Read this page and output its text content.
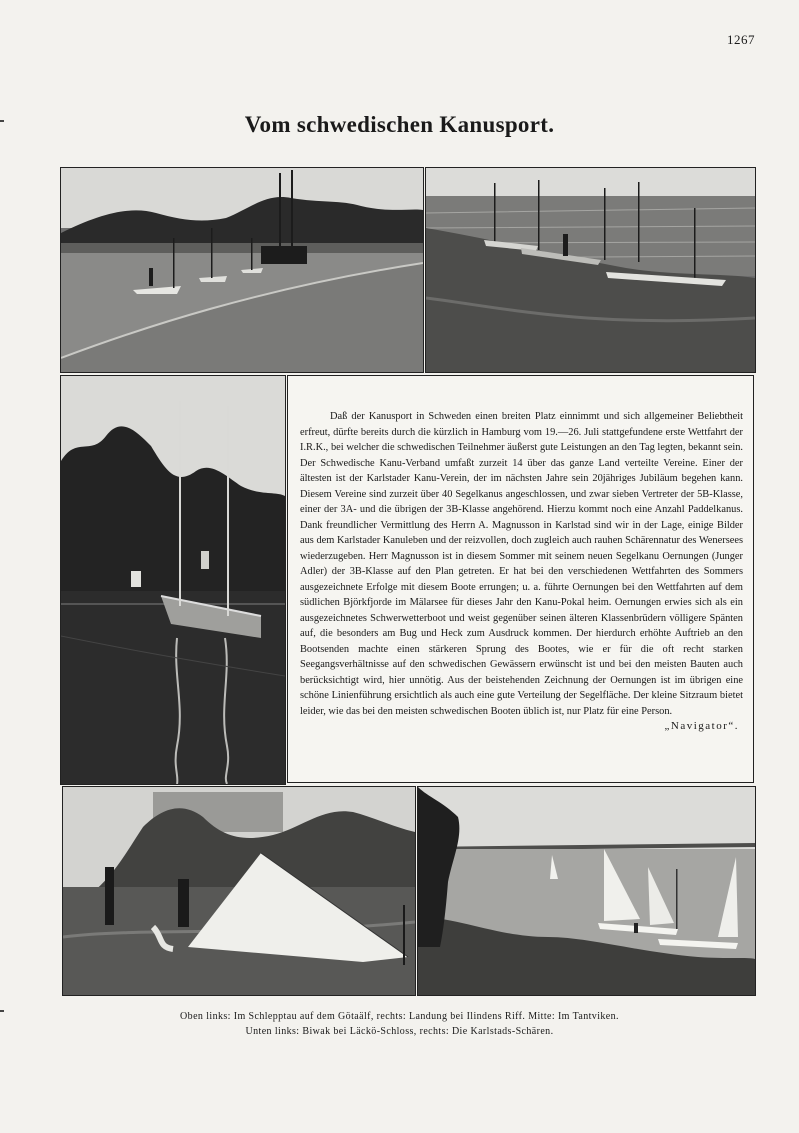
1267
Vom schwedischen Kanusport.

Daß der Kanusport in Schweden einen breiten Platz einnimmt und sich allgemeiner Beliebtheit erfreut, dürfte bereits durch die kürzlich in Hamburg vom 19.—26. Juli stattgefundene erste Wettfahrt der I.R.K., bei welcher die schwedischen Teilnehmer äußerst gute Leistungen an den Tag legten, bekannt sein. Der Schwedische Kanu-Verband umfaßt zurzeit 14 über das ganze Land verteilte Vereine. Einer der ältesten ist der Karlstader Kanu-Verein, der im nächsten Jahre sein 20jähriges Jubiläum begehen kann. Diesem Vereine sind zurzeit über 40 Segelkanus angeschlossen, und zwar sieben Vertreter der 5B-Klasse, einer der 3A- und die übrigen der 3B-Klasse angehörend. Hierzu kommt noch eine Anzahl Paddelkanus. Dank freundlicher Vermittlung des Herrn A. Magnusson in Karlstad sind wir in der Lage, einige Bilder aus dem Karlstader Kanuleben und der reizvollen, doch zugleich auch rauhen Schärennatur des Wenersees wiederzugeben. Herr Magnusson ist in diesem Sommer mit seinem neuen Segelkanu Oernungen (Junger Adler) der 3B-Klasse auf den Plan getreten. Er hat bei den verschiedenen Wettfahrten des Sommers ausgezeichnete Erfolge mit diesem Boote errungen; u. a. führte Oernungen bei den Wettfahrten auf dem südlichen Björkfjorde im Mälarsee für dieses Jahr den Kanu-Pokal heim. Oernungen erwies sich als ein ausgezeichnetes Schwerwetterboot und weist gegenüber seinen älteren Klassenbrüdern völligere Spänten auf, die besonders am Bug und Heck zum Ausdruck kommen. Der hierdurch erhöhte Auftrieb an den Bootsenden machte einen stärkeren Sprung des Bootes, wie er für die oft recht starken Seegangsverhältnisse auf den schwedischen Gewässern erwünscht ist und bei den meisten Bauten auch berücksichtigt wird, hier unnötig. Aus der beistehenden Zeichnung der Oernungen ist im übrigen eine schöne Linienführung ersichtlich als auch eine gute Verteilung der Segelfläche. Der kleine Sitzraum bietet leider, wie das bei den meisten schwedischen Booten üblich ist, nur Platz für eine Person.

„Navigator“.
Oben links: Im Schlepptau auf dem Götaälf, rechts: Landung bei Ilindens Riff. Mitte: Im Tantviken.
Unten links: Biwak bei Läckö-Schloss, rechts: Die Karlstads-Schären.
